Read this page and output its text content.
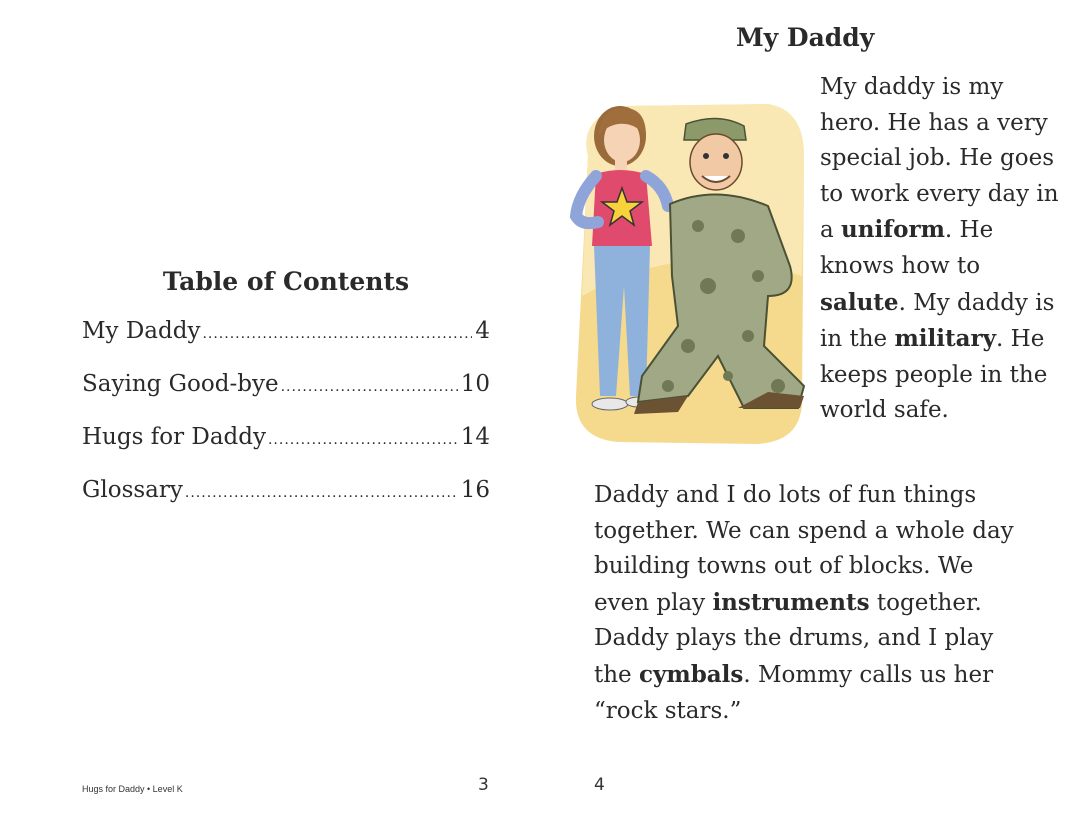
Table of Contents
My Daddy .....	4
Saying Good-bye .....	10
Hugs for Daddy .....	14
Glossary .....	16
Hugs for Daddy • Level K	3
My Daddy

My daddy is my hero. He has a very special job. He goes to work every day in a uniform. He knows how to salute. My daddy is in the military. He keeps people in the world safe.

Daddy and I do lots of fun things together. We can spend a whole day building towns out of blocks. We even play instruments together. Daddy plays the drums, and I play the cymbals. Mommy calls us her “rock stars.”

4
